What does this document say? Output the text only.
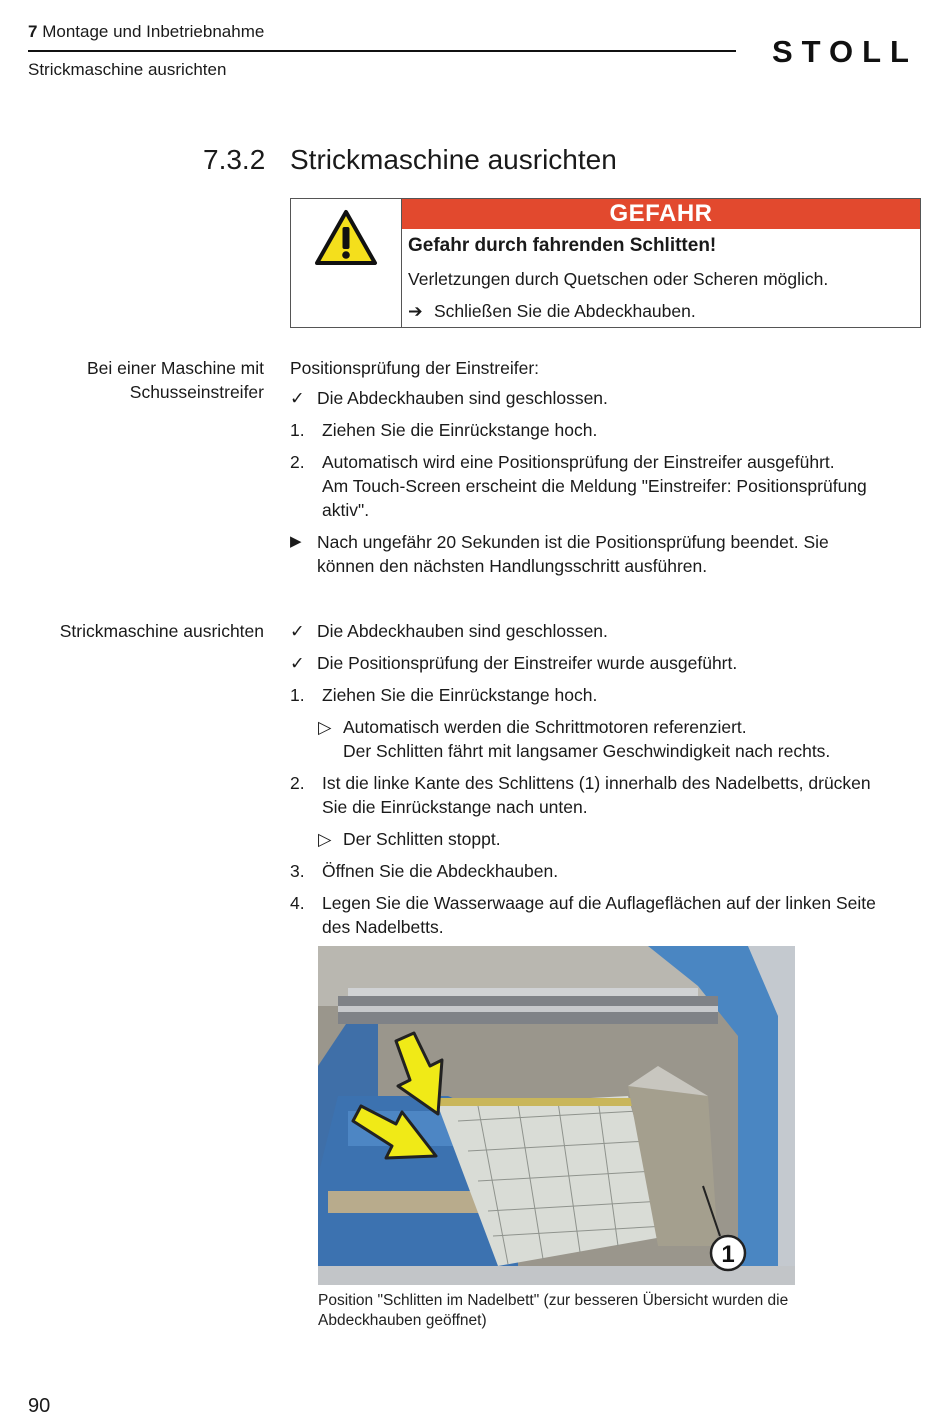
7 Montage und Inbetriebnahme
Strickmaschine ausrichten
STOLL
7.3.2 Strickmaschine ausrichten
GEFAHR
Gefahr durch fahrenden Schlitten!
Verletzungen durch Quetschen oder Scheren möglich.
➔ Schließen Sie die Abdeckhauben.
Bei einer Maschine mit
Schusseinstreifer
Positionsprüfung der Einstreifer:
✓ Die Abdeckhauben sind geschlossen.
1. Ziehen Sie die Einrückstange hoch.
2. Automatisch wird eine Positionsprüfung der Einstreifer ausgeführt.
Am Touch-Screen erscheint die Meldung "Einstreifer: Positionsprüfung
aktiv".
▶ Nach ungefähr 20 Sekunden ist die Positionsprüfung beendet. Sie
können den nächsten Handlungsschritt ausführen.
Strickmaschine ausrichten ✓ Die Abdeckhauben sind geschlossen.
✓ Die Positionsprüfung der Einstreifer wurde ausgeführt.
1. Ziehen Sie die Einrückstange hoch.
▷ Automatisch werden die Schrittmotoren referenziert.
Der Schlitten fährt mit langsamer Geschwindigkeit nach rechts.
2. Ist die linke Kante des Schlittens (1) innerhalb des Nadelbetts, drücken
Sie die Einrückstange nach unten.
▷ Der Schlitten stoppt.
3. Öffnen Sie die Abdeckhauben.
4. Legen Sie die Wasserwaage auf die Auflageflächen auf der linken Seite
des Nadelbetts.
1
Position "Schlitten im Nadelbett" (zur besseren Übersicht wurden die
Abdeckhauben geöffnet)
90
